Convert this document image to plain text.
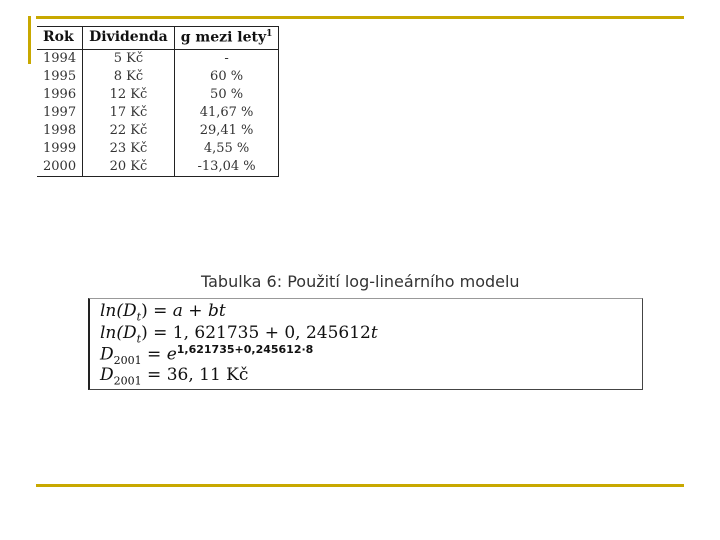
Rok	Dividenda	g mezi lety$^1$
1994	5 Kč	-
1995	8 Kč	60 %
1996	12 Kč	50 %
1997	17 Kč	41,67 %
1998	22 Kč	29,41 %
1999	23 Kč	4,55 %
2000	20 Kč	-13,04 %
Tabulka 6: Použití log-lineárního modelu
$\ln(D_t) = a$ + bt
$\ln(D_t) = 1$, 621735 + 0, 245612t
$D_{2001} = e^{1,621735+0,245612\cdot 8}$
$D_{2001} = 36$, 11 Kč
